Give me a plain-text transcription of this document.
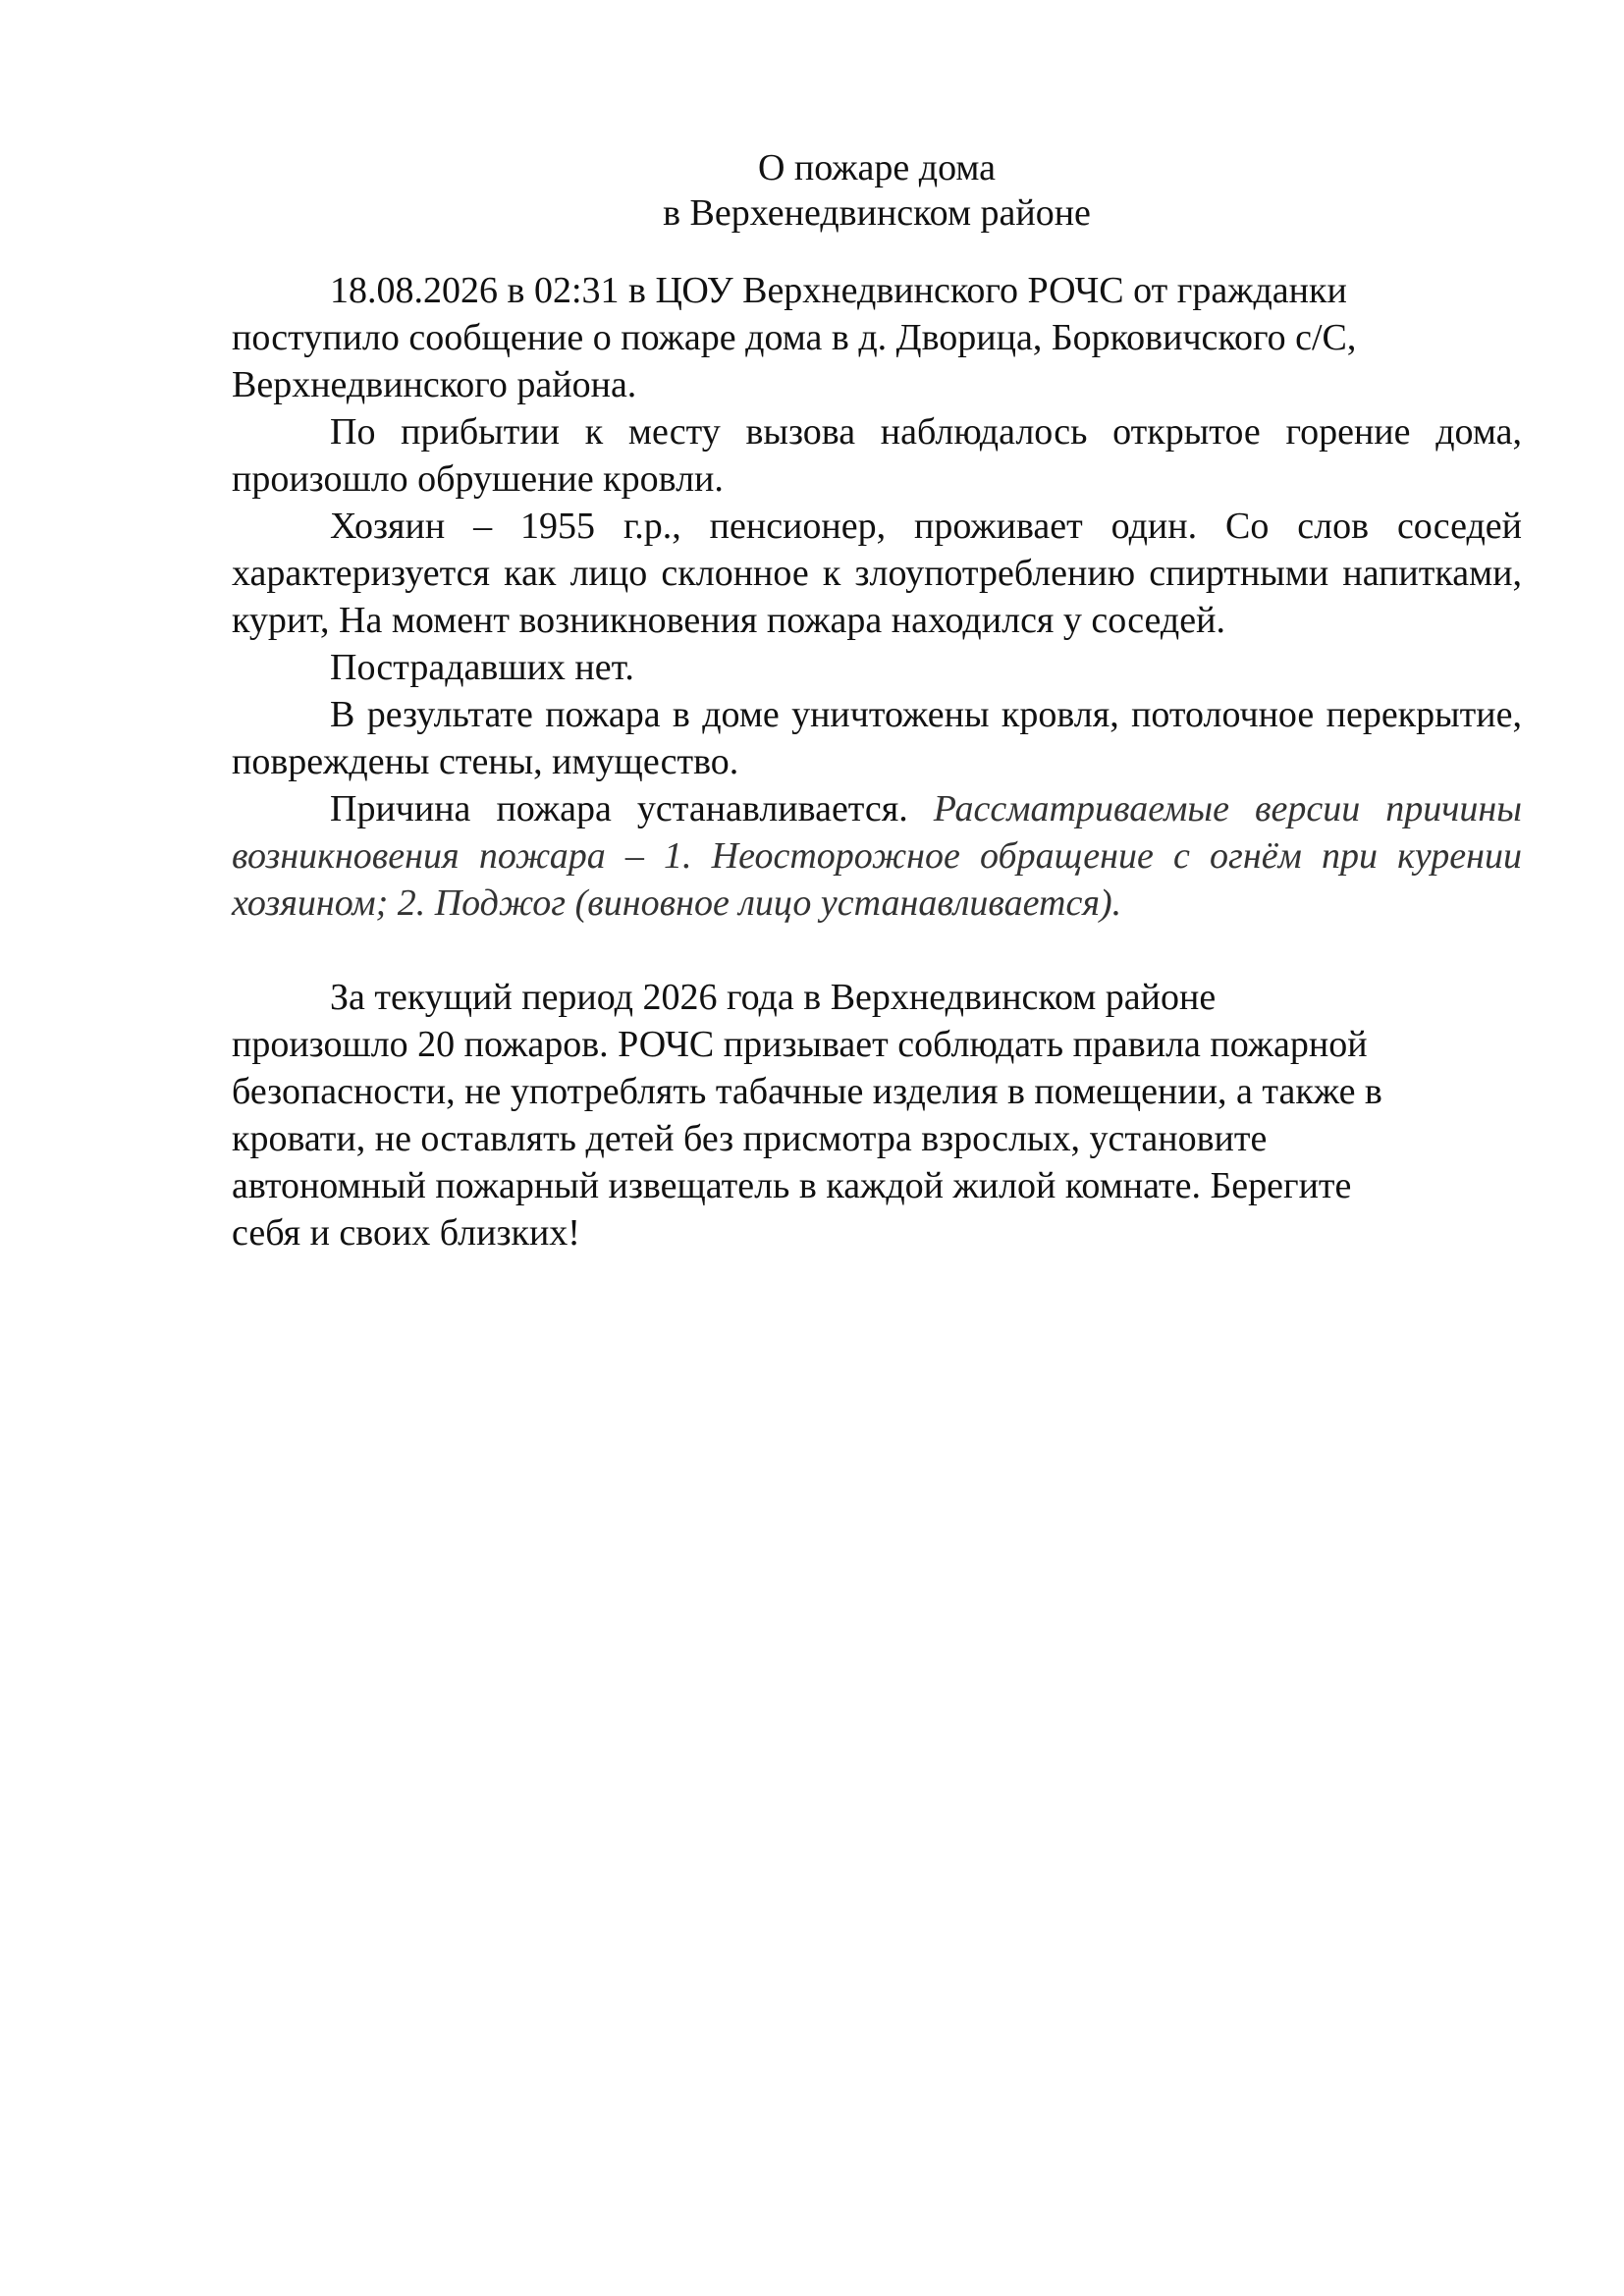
О пожаре дома
в Верхенедвинском районе

18.08.2026 в 02:31 в ЦОУ Верхнедвинского РОЧС от гражданки

поступило сообщение о пожаре дома в д. Дворица, Борковичского с/С,

Верхнедвинского района.

По прибытии к месту вызова наблюдалось открытое горение дома, произошло обрушение кровли.

Хозяин – 1955 г.р., пенсионер, проживает один. Со слов соседей характеризуется как лицо склонное к злоупотреблению спиртными напитками, курит, На момент возникновения пожара находился у соседей.

Пострадавших нет.

В результате пожара в доме уничтожены кровля, потолочное перекрытие, повреждены стены, имущество.

Причина пожара устанавливается. Рассматриваемые версии причины возникновения пожара – 1. Неосторожное обращение с огнём при курении хозяином; 2. Поджог (виновное лицо устанавливается).

За текущий период 2026 года в Верхнедвинском районе

произошло 20 пожаров. РОЧС призывает соблюдать правила пожарной

безопасности, не употреблять табачные изделия в помещении, а также в

кровати, не оставлять детей без присмотра взрослых, установите

автономный пожарный извещатель в каждой жилой комнате. Берегите

себя и своих близких!
